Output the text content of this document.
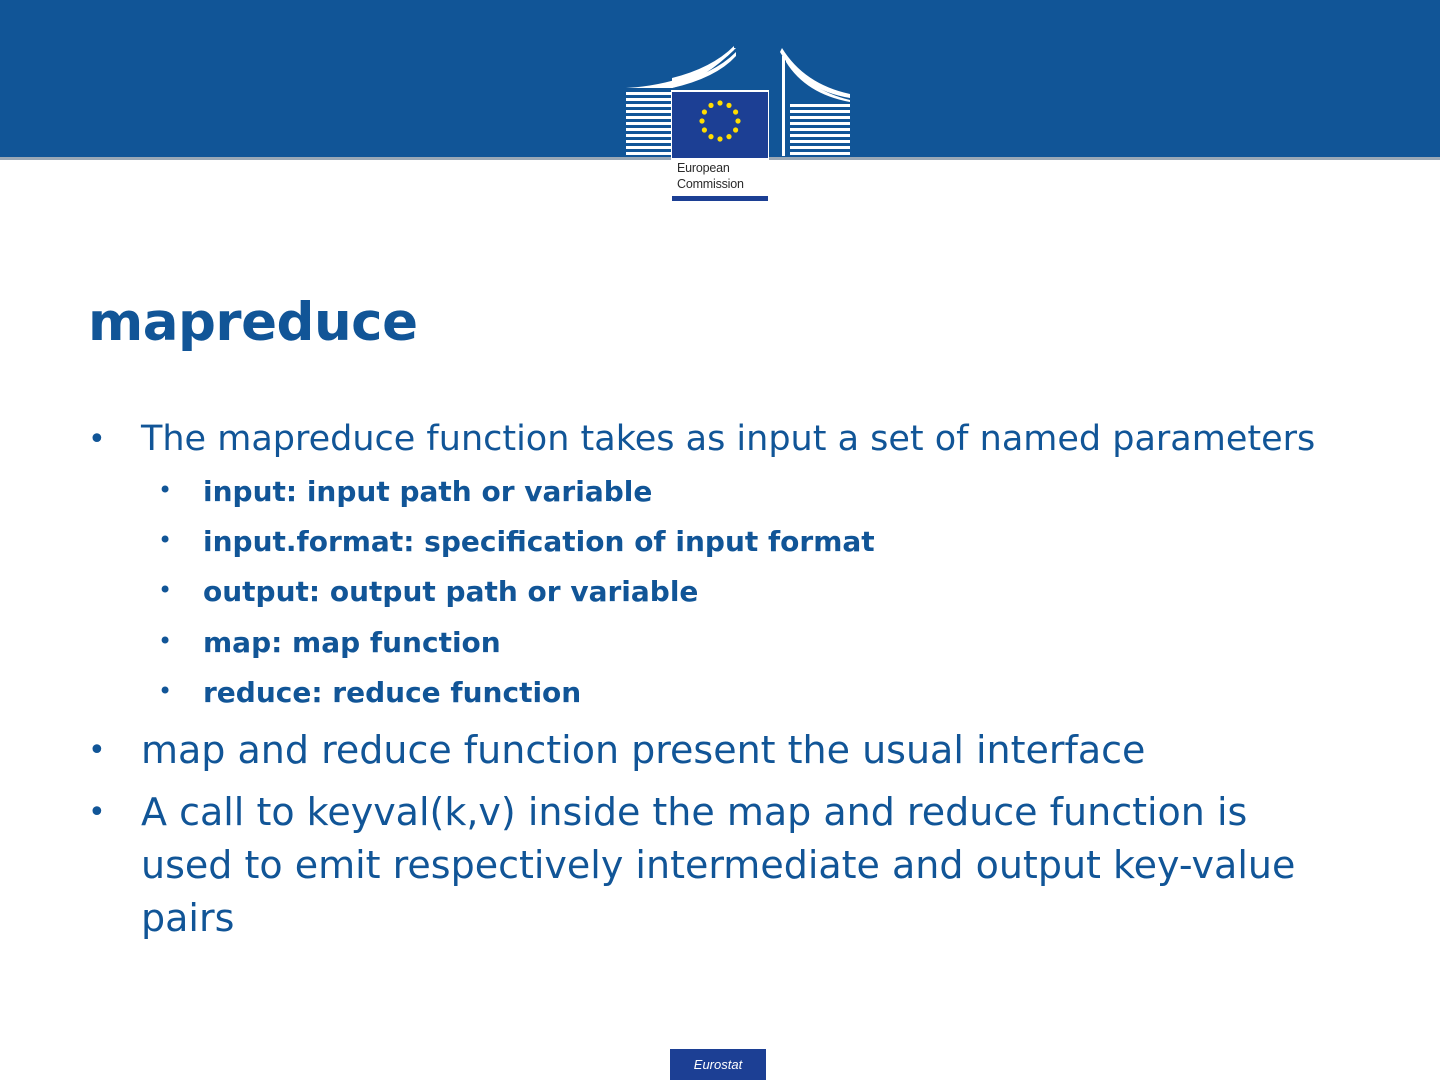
European
Commission
mapreduce
• The mapreduce function takes as input a set of named parameters
• input: input path or variable
• input.format: specification of input format
• output: output path or variable
• map: map function
• reduce: reduce function
• map and reduce function present the usual interface
• A call to keyval(k,v) inside the map and reduce function is used to emit respectively intermediate and output key-value pairs
Eurostat
